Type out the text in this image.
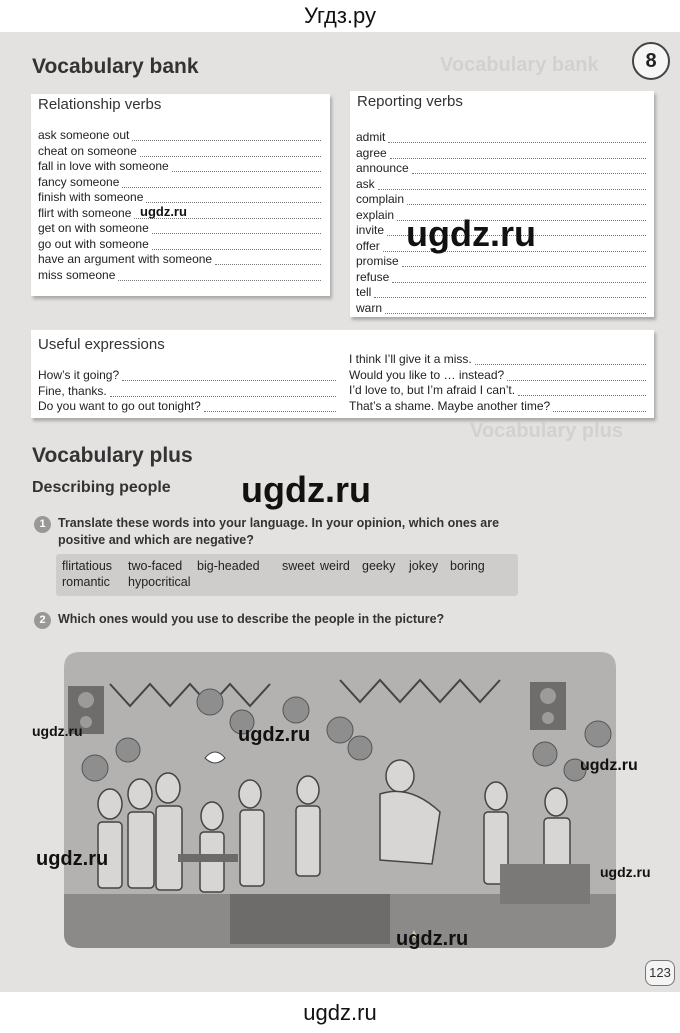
Угдз.ру
Vocabulary bank	8
Vocabulary bank
Relationship verbs
ask someone out
cheat on someone
fall in love with someone
fancy someone
finish with someone
flirt with someone
get on with someone
go out with someone
have an argument with someone
miss someone
Reporting verbs
admit
agree
announce
ask
complain
explain
invite
offer
promise
refuse
tell
warn
Useful expressions
How’s it going?
Fine, thanks.
Do you want to go out tonight?
I think I’ll give it a miss.
Would you like to … instead?
I’d love to, but I’m afraid I can’t.
That’s a shame. Maybe another time?
Vocabulary plus
Vocabulary plus
Describing people
1 Translate these words into your language. In your opinion, which ones are positive and which are negative?
flirtatious two-faced big-headed sweet weird geeky jokey boring
romantic hypocritical
2 Which ones would you use to describe the people in the picture?
123
ugdz.ru
ugdz.ru
ugdz.ru
ugdz.ru	ugdz.ru
ugdz.ru
ugdz.ru
ugdz.ru
ugdz.ru
ugdz.ru
